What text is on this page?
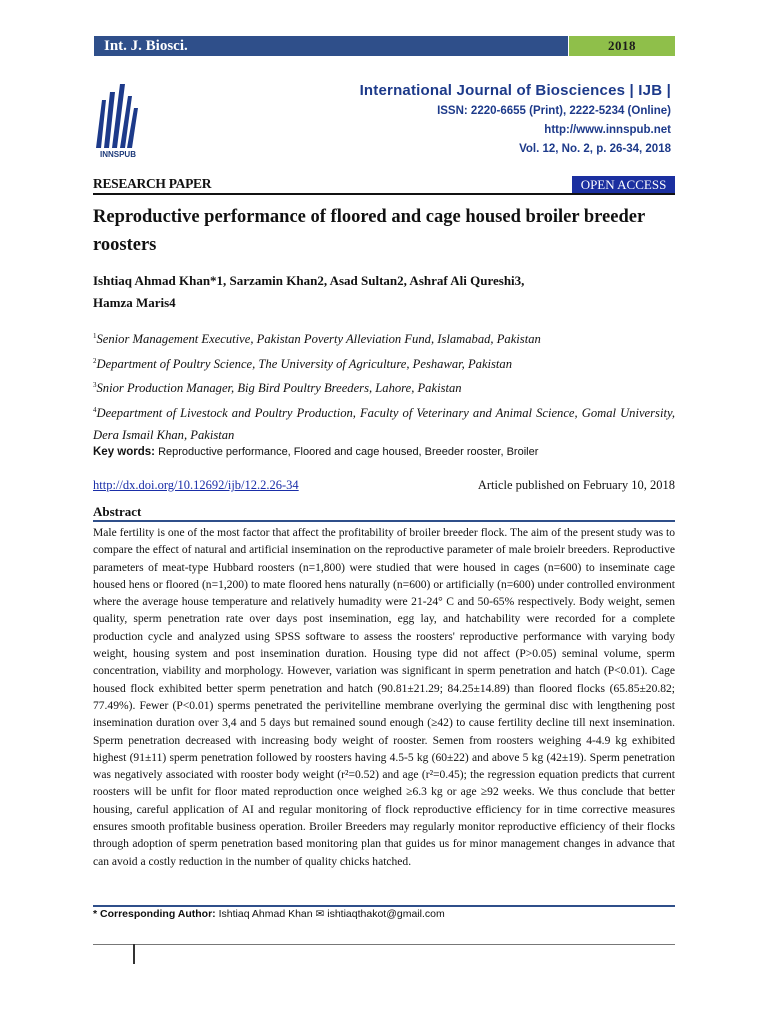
Int. J. Biosci.	2018
INNSPUB
International Journal of Biosciences | IJB |
ISSN: 2220-6655 (Print), 2222-5234 (Online)
http://www.innspub.net
Vol. 12, No. 2, p. 26-34, 2018
RESEARCH PAPER	OPEN ACCESS
Reproductive performance of floored and cage housed broiler breeder roosters
Ishtiaq Ahmad Khan*1, Sarzamin Khan2, Asad Sultan2, Ashraf Ali Qureshi3,
Hamza Maris4
$^1$Senior Management Executive, Pakistan Poverty Alleviation Fund, Islamabad, Pakistan
$^2$Department of Poultry Science, The University of Agriculture, Peshawar, Pakistan
$^3$Snior Production Manager, Big Bird Poultry Breeders, Lahore, Pakistan
$^4$Deepartment of Livestock and Poultry Production, Faculty of Veterinary and Animal Science, Gomal University, Dera Ismail Khan, Pakistan
Key words: Reproductive performance, Floored and cage housed, Breeder rooster, Broiler
http://dx.doi.org/10.12692/ijb/12.2.26-34	Article published on February 10, 2018
Abstract
Male fertility is one of the most factor that affect the profitability of broiler breeder flock. The aim of the present study was to compare the effect of natural and artificial insemination on the reproductive parameter of male broielr breeders. Reproductive parameters of meat-type Hubbard roosters (n=1,800) were studied that were housed in cages (n=600) to inseminate cage housed hens or floored (n=1,200) to mate floored hens naturally (n=600) or artificially (n=600) under controlled environment where the average house temperature and relatively humadity were 21-24° C and 50-65% respectively. Body weight, semen quality, sperm penetration rate over days post insemination, egg lay, and hatchability were recorded for a complete production cycle and analyzed using SPSS software to assess the roosters' reproductive performance with varying body weight, housing system and post insemination duration. Housing type did not affect (P>0.05) seminal volume, sperm concentration, viability and morphology. However, variation was significant in sperm penetration and hatch (P<0.01). Cage housed flock exhibited better sperm penetration and hatch (90.81±21.29; 84.25±14.89) than floored flocks (65.85±20.82; 77.49%). Fewer (P<0.01) sperms penetrated the perivitelline membrane overlying the germinal disc with lengthening post insemination duration over 3,4 and 5 days but remained sound enough (≥42) to cause fertility decline till next insemination. Sperm penetration decreased with increasing body weight of rooster. Semen from roosters weighing 4-4.9 kg exhibited highest (91±11) sperm penetration followed by roosters having 4.5-5 kg (60±22) and above 5 kg (42±19). Sperm penetration was negatively associated with rooster body weight (r²=0.52) and age (r²=0.45); the regression equation predicts that current roosters will be unfit for floor mated reproduction once weighed ≥6.3 kg or age ≥92 weeks. We thus conclude that better housing, careful application of AI and regular monitoring of flock reproductive efficiency for in time corrective measures ensures smooth profitable business operation. Broiler Breeders may regularly monitor reproductive efficiency of their flocks through adoption of sperm penetration based monitoring plan that guides us for minor management changes in advance that can avoid a costly reduction in the number of quality chicks hatched.
* Corresponding Author: Ishtiaq Ahmad Khan ✉ ishtiaqthakot@gmail.com
